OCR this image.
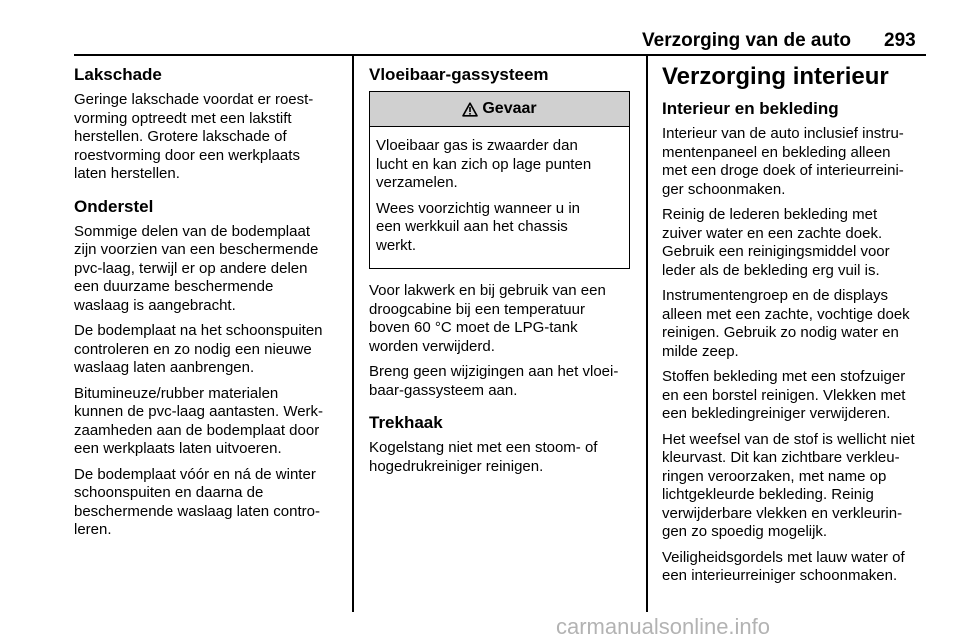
Verzorging van de auto 293
Lakschade

Geringe lakschade voordat er roest-
vorming optreedt met een lakstift
herstellen. Grotere lakschade of
roestvorming door een werkplaats
laten herstellen.

Onderstel

Sommige delen van de bodemplaat
zijn voorzien van een beschermende
pvc-laag, terwijl er op andere delen
een duurzame beschermende
waslaag is aangebracht.

De bodemplaat na het schoonspuiten
controleren en zo nodig een nieuwe
waslaag laten aanbrengen.

Bitumineuze/rubber materialen
kunnen de pvc-laag aantasten. Werk-
zaamheden aan de bodemplaat door
een werkplaats laten uitvoeren.

De bodemplaat vóór en ná de winter
schoonspuiten en daarna de
beschermende waslaag laten contro-
leren.

Vloeibaar-gassysteem
Gevaar

Vloeibaar gas is zwaarder dan
lucht en kan zich op lage punten
verzamelen.

Wees voorzichtig wanneer u in
een werkkuil aan het chassis
werkt.

Voor lakwerk en bij gebruik van een
droogcabine bij een temperatuur
boven 60 °C moet de LPG-tank
worden verwijderd.

Breng geen wijzigingen aan het vloei-
baar-gassysteem aan.

Trekhaak

Kogelstang niet met een stoom- of
hogedrukreiniger reinigen.

Verzorging interieur
Interieur en bekleding

Interieur van de auto inclusief instru-
mentenpaneel en bekleding alleen
met een droge doek of interieurreini-
ger schoonmaken.

Reinig de lederen bekleding met
zuiver water en een zachte doek.
Gebruik een reinigingsmiddel voor
leder als de bekleding erg vuil is.

Instrumentengroep en de displays
alleen met een zachte, vochtige doek
reinigen. Gebruik zo nodig water en
milde zeep.

Stoffen bekleding met een stofzuiger
en een borstel reinigen. Vlekken met
een bekledingreiniger verwijderen.

Het weefsel van de stof is wellicht niet
kleurvast. Dit kan zichtbare verkleu-
ringen veroorzaken, met name op
lichtgekleurde bekleding. Reinig
verwijderbare vlekken en verkleurin-
gen zo spoedig mogelijk.

Veiligheidsgordels met lauw water of
een interieurreiniger schoonmaken.

carmanualsonline.info
